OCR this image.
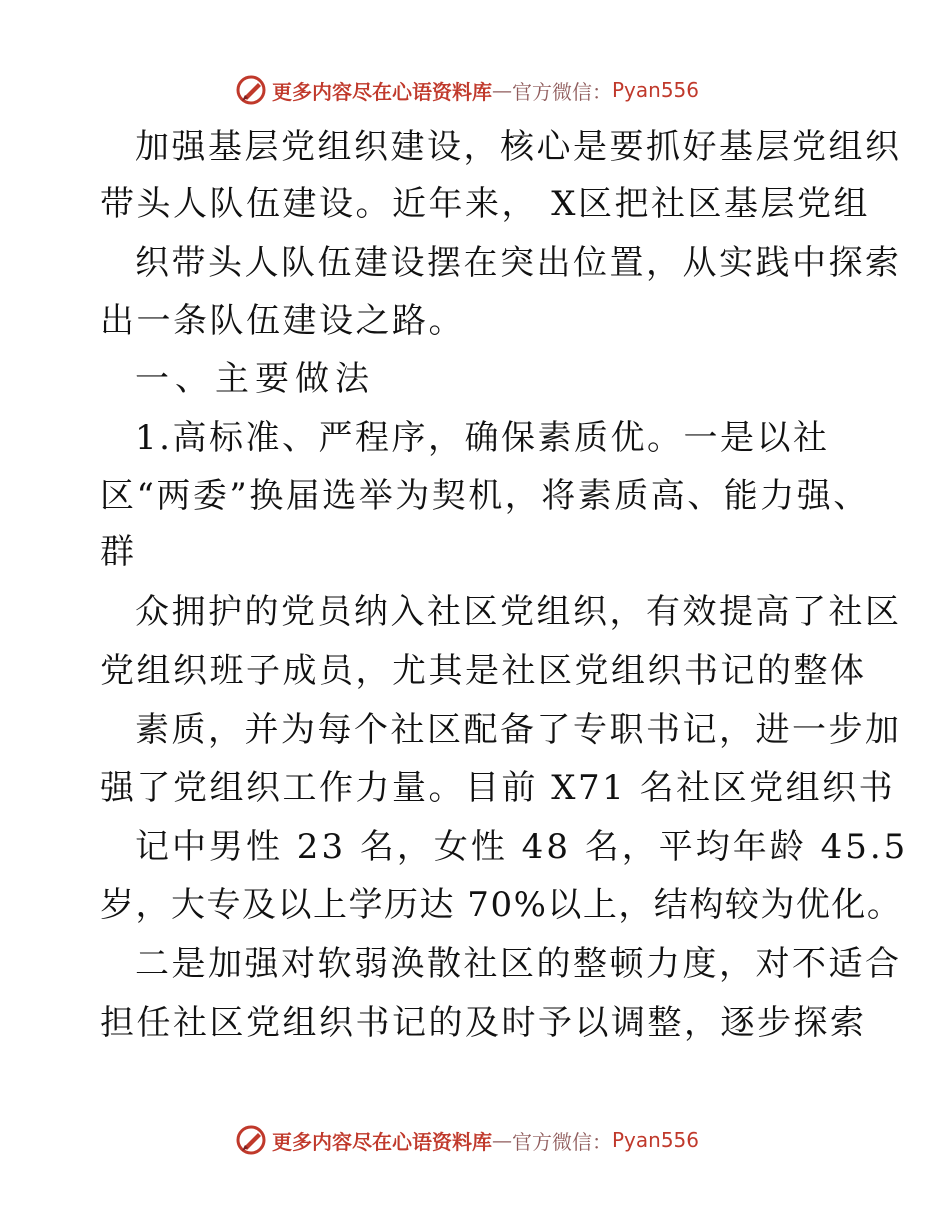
更多内容尽在心语资料库 — 官方微信： Pyan556
加强基层党组织建设，核心是要抓好基层党组织
带头人队伍建设。近年来， X区把社区基层党组
织带头人队伍建设摆在突出位置，从实践中探索
出一条队伍建设之路。
一、主要做法
1.高标准、严程序，确保素质优。一是以社
区“两委”换届选举为契机，将素质高、能力强、
群
众拥护的党员纳入社区党组织，有效提高了社区
党组织班子成员，尤其是社区党组织书记的整体
素质，并为每个社区配备了专职书记，进一步加
强了党组织工作力量。目前 X71 名社区党组织书
记中男性 23 名，女性 48 名，平均年龄 45.5
岁，大专及以上学历达 70%以上，结构较为优化。
二是加强对软弱涣散社区的整顿力度，对不适合
担任社区党组织书记的及时予以调整，逐步探索
更多内容尽在心语资料库 — 官方微信： Pyan556
